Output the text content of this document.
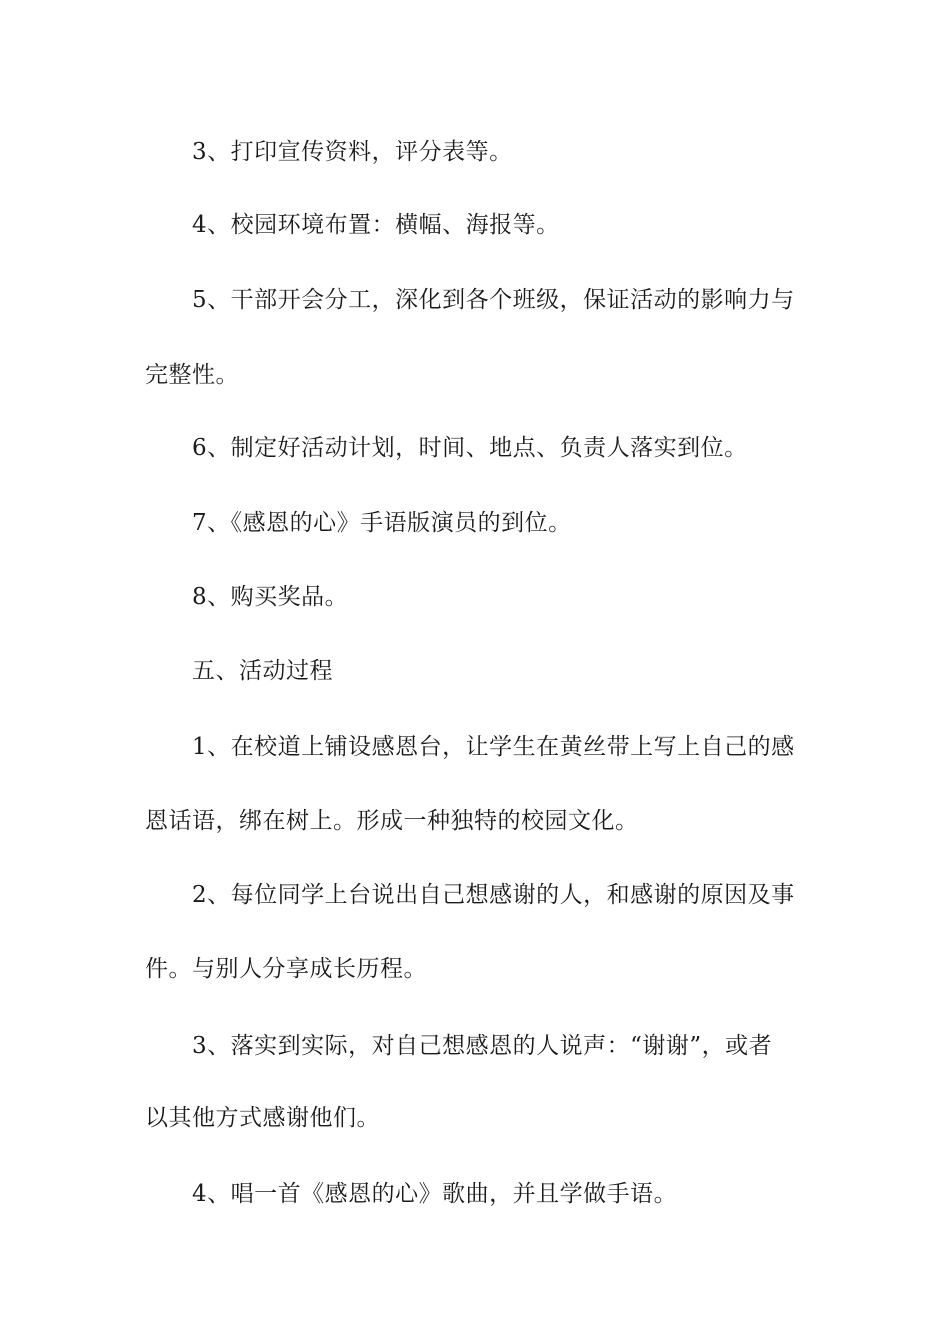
3、打印宣传资料，评分表等。
4、校园环境布置：横幅、海报等。
5、干部开会分工，深化到各个班级，保证活动的影响力与
完整性。
6、制定好活动计划，时间、地点、负责人落实到位。
7、《感恩的心》手语版演员的到位。
8、购买奖品。
五、活动过程
1、在校道上铺设感恩台，让学生在黄丝带上写上自己的感
恩话语，绑在树上。形成一种独特的校园文化。
2、每位同学上台说出自己想感谢的人，和感谢的原因及事
件。与别人分享成长历程。
3、落实到实际，对自己想感恩的人说声：“谢谢”，或者
以其他方式感谢他们。
4、唱一首《感恩的心》歌曲，并且学做手语。
